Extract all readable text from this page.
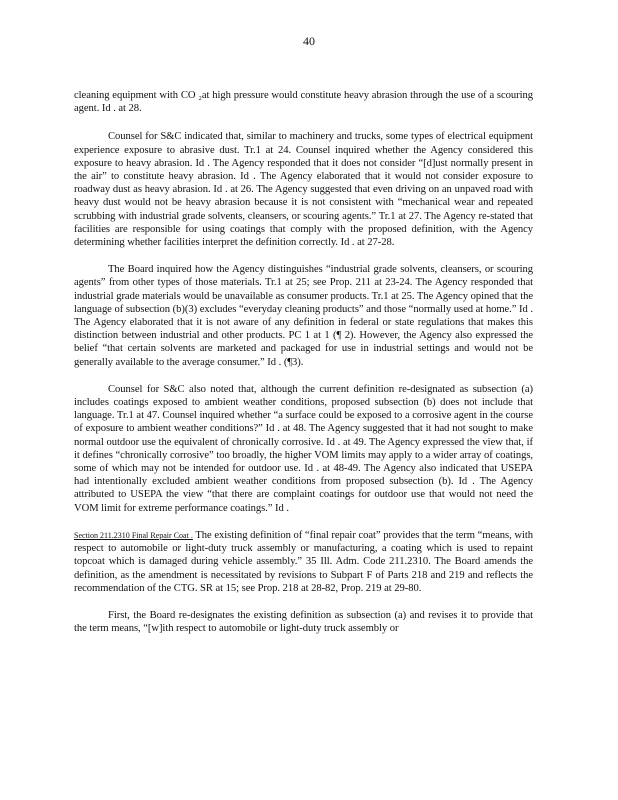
40

cleaning equipment with CO ₂at high pressure would constitute heavy abrasion through the use of a scouring agent. Id . at 28.

Counsel for S&C indicated that, similar to machinery and trucks, some types of electrical equipment experience exposure to abrasive dust. Tr.1 at 24. Counsel inquired whether the Agency considered this exposure to heavy abrasion. Id . The Agency responded that it does not consider “[d]ust normally present in the air” to constitute heavy abrasion. Id . The Agency elaborated that it would not consider exposure to roadway dust as heavy abrasion. Id . at 26. The Agency suggested that even driving on an unpaved road with heavy dust would not be heavy abrasion because it is not consistent with “mechanical wear and repeated scrubbing with industrial grade solvents, cleansers, or scouring agents.” Tr.1 at 27. The Agency re-stated that facilities are responsible for using coatings that comply with the proposed definition, with the Agency determining whether facilities interpret the definition correctly. Id . at 27-28.

The Board inquired how the Agency distinguishes “industrial grade solvents, cleansers, or scouring agents” from other types of those materials. Tr.1 at 25; see Prop. 211 at 23-24. The Agency responded that industrial grade materials would be unavailable as consumer products. Tr.1 at 25. The Agency opined that the language of subsection (b)(3) excludes “everyday cleaning products” and those “normally used at home.” Id . The Agency elaborated that it is not aware of any definition in federal or state regulations that makes this distinction between industrial and other products. PC 1 at 1 (¶ 2). However, the Agency also expressed the belief “that certain solvents are marketed and packaged for use in industrial settings and would not be generally available to the average consumer.” Id . (¶3).

Counsel for S&C also noted that, although the current definition re-designated as subsection (a) includes coatings exposed to ambient weather conditions, proposed subsection (b) does not include that language. Tr.1 at 47. Counsel inquired whether “a surface could be exposed to a corrosive agent in the course of exposure to ambient weather conditions?” Id . at 48. The Agency suggested that it had not sought to make normal outdoor use the equivalent of chronically corrosive. Id . at 49. The Agency expressed the view that, if it defines “chronically corrosive” too broadly, the higher VOM limits may apply to a wider array of coatings, some of which may not be intended for outdoor use. Id . at 48-49. The Agency also indicated that USEPA had intentionally excluded ambient weather conditions from proposed subsection (b). Id . The Agency attributed to USEPA the view “that there are complaint coatings for outdoor use that would not need the VOM limit for extreme performance coatings.” Id .

Section 211.2310 Final Repair Coat . The existing definition of “final repair coat” provides that the term “means, with respect to automobile or light-duty truck assembly or manufacturing, a coating which is used to repaint topcoat which is damaged during vehicle assembly.” 35 Ill. Adm. Code 211.2310. The Board amends the definition, as the amendment is necessitated by revisions to Subpart F of Parts 218 and 219 and reflects the recommendation of the CTG. SR at 15; see Prop. 218 at 28-82, Prop. 219 at 29-80.

First, the Board re-designates the existing definition as subsection (a) and revises it to provide that the term means, “[w]ith respect to automobile or light-duty truck assembly or
